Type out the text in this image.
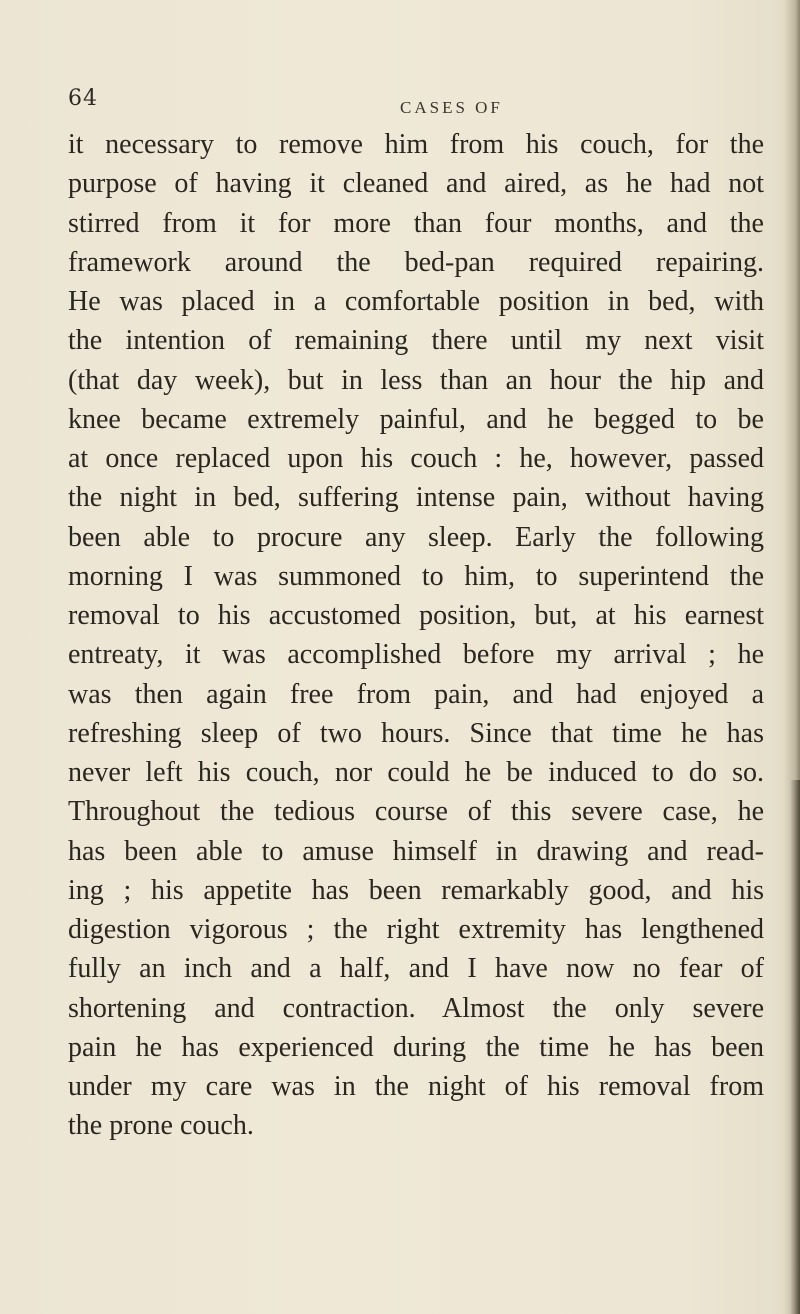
64	CASES OF
it necessary to remove him from his couch, for the
purpose of having it cleaned and aired, as he had not
stirred from it for more than four months, and the
framework around the bed-pan required repairing.
He was placed in a comfortable position in bed, with
the intention of remaining there until my next visit
(that day week), but in less than an hour the hip and
knee became extremely painful, and he begged to be
at once replaced upon his couch : he, however, passed
the night in bed, suffering intense pain, without having
been able to procure any sleep. Early the following
morning I was summoned to him, to superintend the
removal to his accustomed position, but, at his earnest
entreaty, it was accomplished before my arrival ; he
was then again free from pain, and had enjoyed a
refreshing sleep of two hours. Since that time he has
never left his couch, nor could he be induced to do so.
Throughout the tedious course of this severe case, he
has been able to amuse himself in drawing and read-
ing ; his appetite has been remarkably good, and his
digestion vigorous ; the right extremity has lengthened
fully an inch and a half, and I have now no fear of
shortening and contraction. Almost the only severe
pain he has experienced during the time he has been
under my care was in the night of his removal from
the prone couch.
